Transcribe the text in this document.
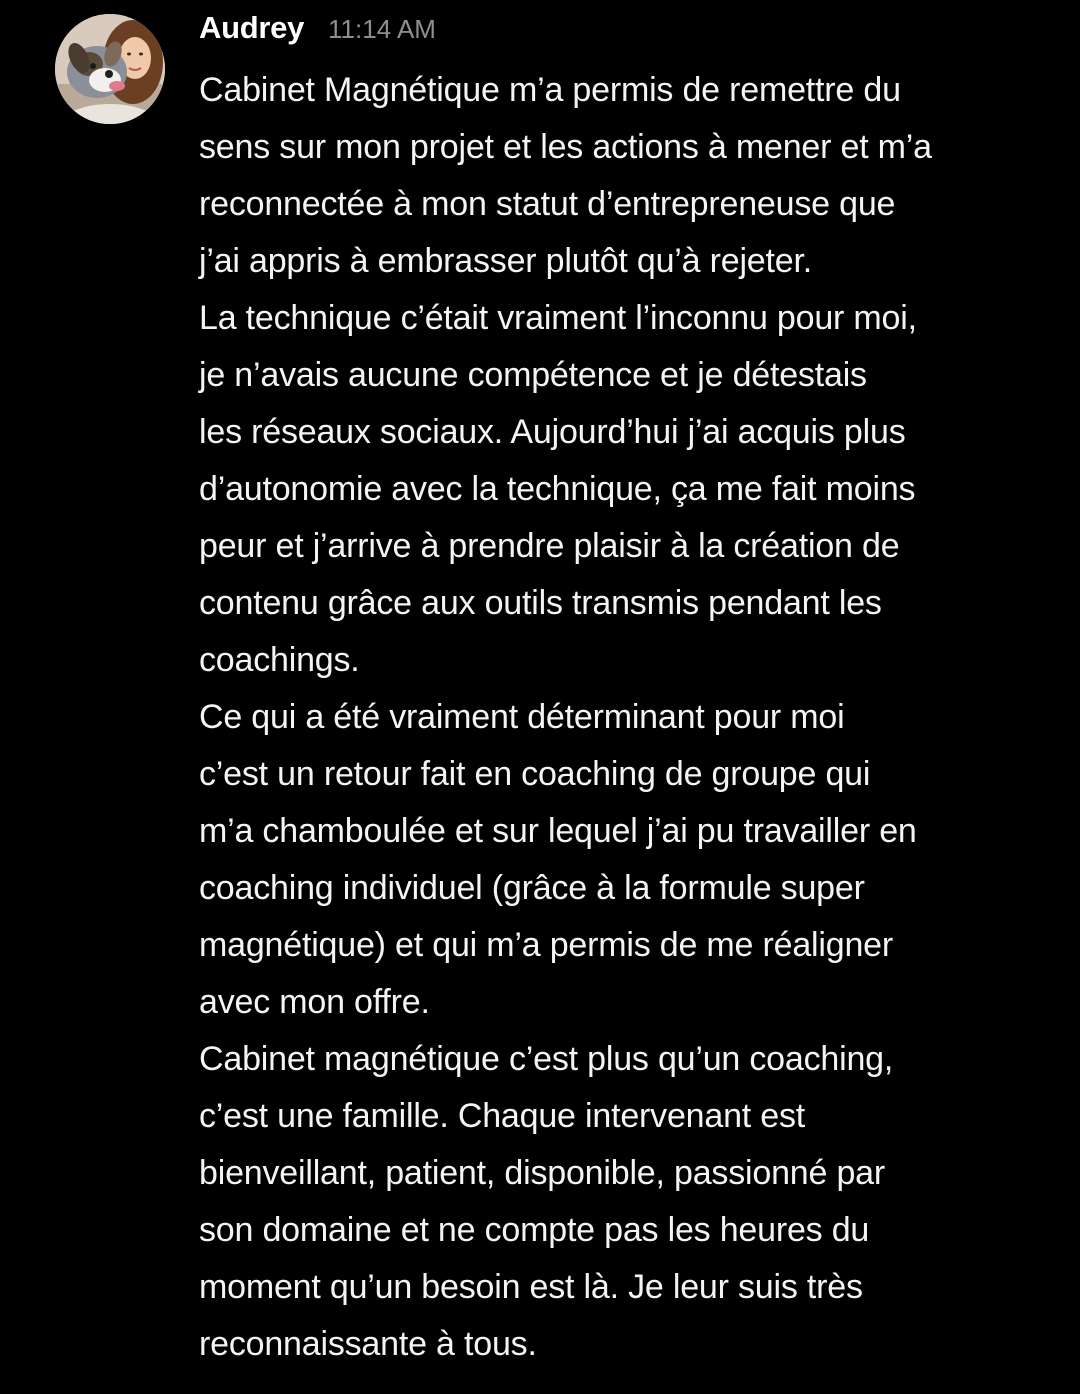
Audrey 11:14 AM
Cabinet Magnétique m’a permis de remettre du
sens sur mon projet et les actions à mener et m’a
reconnectée à mon statut d’entrepreneuse que
j’ai appris à embrasser plutôt qu’à rejeter.
La technique c’était vraiment l’inconnu pour moi,
je n’avais aucune compétence et je détestais
les réseaux sociaux. Aujourd’hui j’ai acquis plus
d’autonomie avec la technique, ça me fait moins
peur et j’arrive à prendre plaisir à la création de
contenu grâce aux outils transmis pendant les
coachings.
Ce qui a été vraiment déterminant pour moi
c’est un retour fait en coaching de groupe qui
m’a chamboulée et sur lequel j’ai pu travailler en
coaching individuel (grâce à la formule super
magnétique) et qui m’a permis de me réaligner
avec mon offre.
Cabinet magnétique c’est plus qu’un coaching,
c’est une famille. Chaque intervenant est
bienveillant, patient, disponible, passionné par
son domaine et ne compte pas les heures du
moment qu’un besoin est là. Je leur suis très
reconnaissante à tous.
